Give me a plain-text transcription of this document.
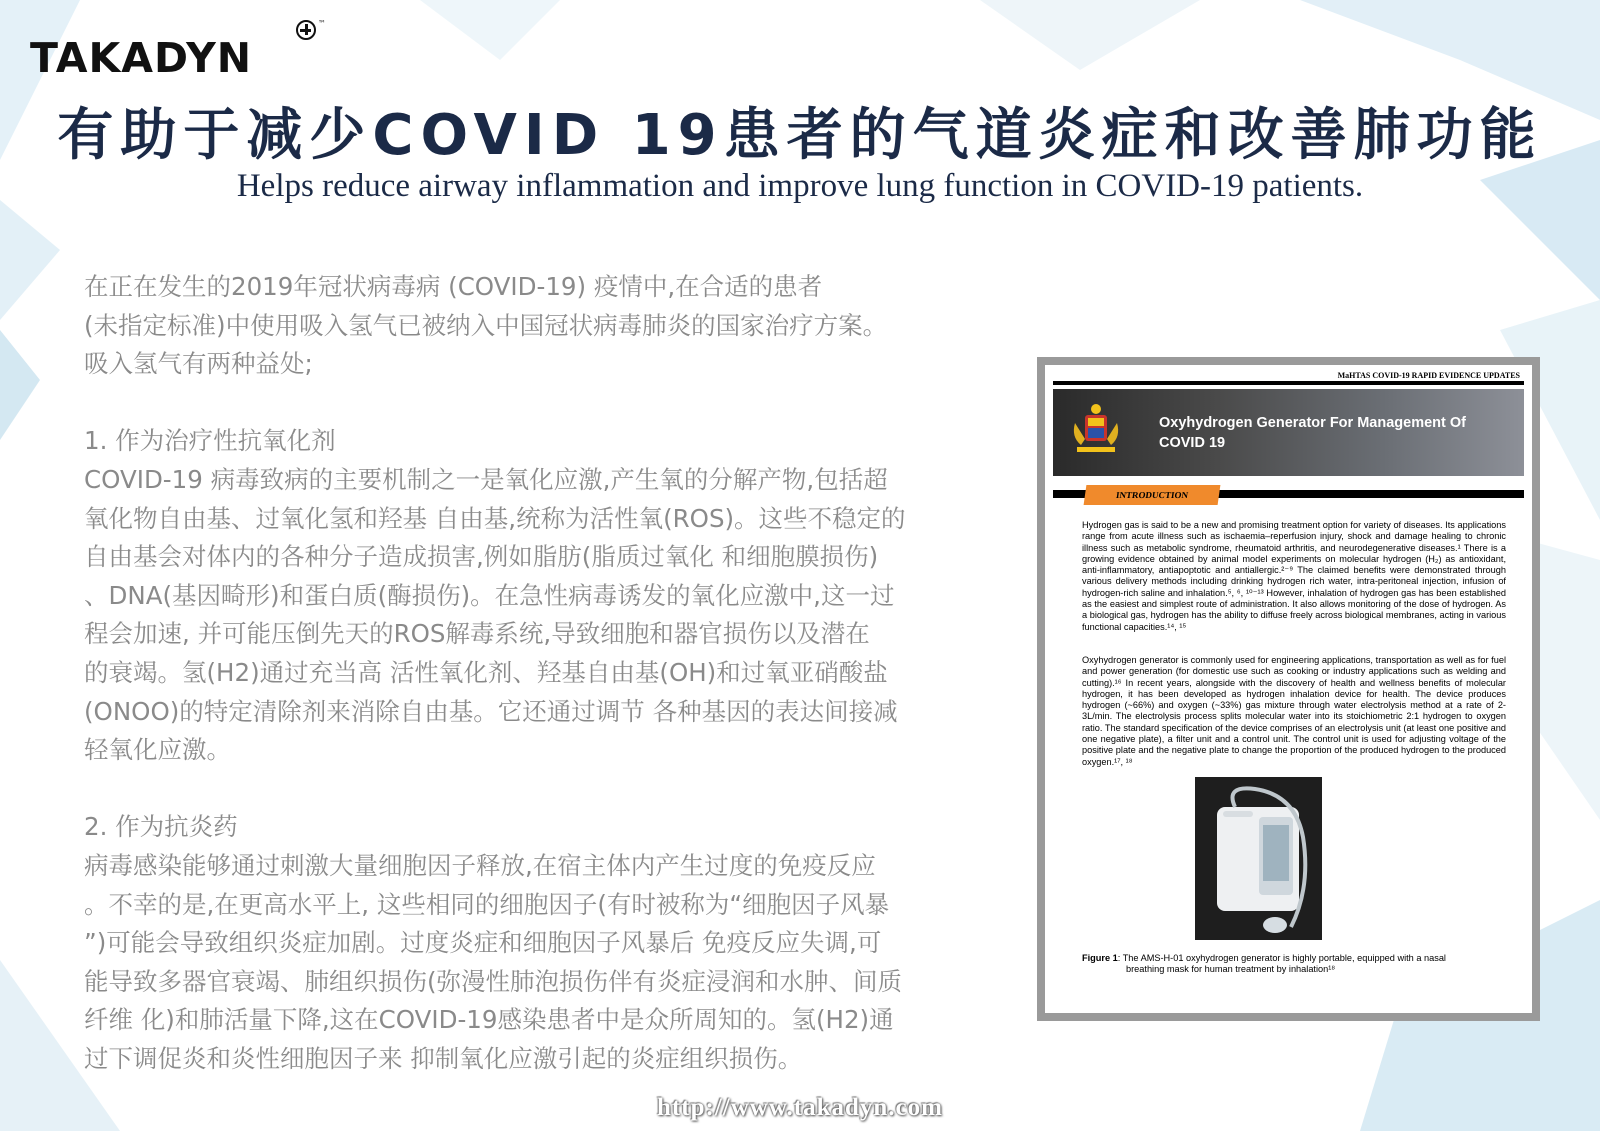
TAKADYN
™
有助于减少COVID 19患者的气道炎症和改善肺功能
Helps reduce airway inflammation and improve lung function in COVID-19 patients.

在正在发生的2019年冠状病毒病 (COVID-19) 疫情中,在合适的患者

(未指定标准)中使用吸入氢气已被纳入中国冠状病毒肺炎的国家治疗方案。

吸入氢气有两种益处;

1. 作为治疗性抗氧化剂

COVID-19 病毒致病的主要机制之一是氧化应激,产生氧的分解产物,包括超

氧化物自由基、过氧化氢和羟基 自由基,统称为活性氧(ROS)。这些不稳定的

自由基会对体内的各种分子造成损害,例如脂肪(脂质过氧化 和细胞膜损伤)

、DNA(基因畸形)和蛋白质(酶损伤)。在急性病毒诱发的氧化应激中,这一过

程会加速, 并可能压倒先天的ROS解毒系统,导致细胞和器官损伤以及潜在

的衰竭。氢(H2)通过充当高 活性氧化剂、羟基自由基(OH)和过氧亚硝酸盐

(ONOO)的特定清除剂来消除自由基。它还通过调节 各种基因的表达间接减

轻氧化应激。

2. 作为抗炎药

病毒感染能够通过刺激大量细胞因子释放,在宿主体内产生过度的免疫反应

。不幸的是,在更高水平上, 这些相同的细胞因子(有时被称为“细胞因子风暴

”)可能会导致组织炎症加剧。过度炎症和细胞因子风暴后 免疫反应失调,可

能导致多器官衰竭、肺组织损伤(弥漫性肺泡损伤伴有炎症浸润和水肿、间质

纤维 化)和肺活量下降,这在COVID-19感染患者中是众所周知的。氢(H2)通

过下调促炎和炎性细胞因子来 抑制氧化应激引起的炎症组织损伤。

MaHTAS COVID-19 RAPID EVIDENCE UPDATES
Oxyhydrogen Generator For Management Of
COVID 19
INTRODUCTION
Hydrogen gas is said to be a new and promising treatment option for variety of diseases. Its applications range from acute illness such as ischaemia–reperfusion injury, shock and damage healing to chronic illness such as metabolic syndrome, rheumatoid arthritis, and neurodegenerative diseases.¹ There is a growing evidence obtained by animal model experiments on molecular hydrogen (H₂) as antioxidant, anti-inflammatory, antiapoptotic and antiallergic.²⁻⁹ The claimed benefits were demonstrated through various delivery methods including drinking hydrogen rich water, intra-peritoneal injection, infusion of hydrogen-rich saline and inhalation.⁵, ⁶, ¹⁰⁻¹³ However, inhalation of hydrogen gas has been established as the easiest and simplest route of administration. It also allows monitoring of the dose of hydrogen. As a biological gas, hydrogen has the ability to diffuse freely across biological membranes, acting in various functional capacities.¹⁴, ¹⁵
Oxyhydrogen generator is commonly used for engineering applications, transportation as well as for fuel and power generation (for domestic use such as cooking or industry applications such as welding and cutting).¹⁶ In recent years, alongside with the discovery of health and wellness benefits of molecular hydrogen, it has been developed as hydrogen inhalation device for health. The device produces hydrogen (~66%) and oxygen (~33%) gas mixture through water electrolysis method at a rate of 2-3L/min. The electrolysis process splits molecular water into its stoichiometric 2:1 hydrogen to oxygen ratio. The standard specification of the device comprises of an electrolysis unit (at least one positive and one negative plate), a filter unit and a control unit. The control unit is used for adjusting voltage of the positive plate and the negative plate to change the proportion of the produced hydrogen to the produced oxygen.¹⁷, ¹⁸
Figure 1: The AMS-H-01 oxyhydrogen generator is highly portable, equipped with a nasal
breathing mask for human treatment by inhalation¹⁸
http://www.takadyn.com
